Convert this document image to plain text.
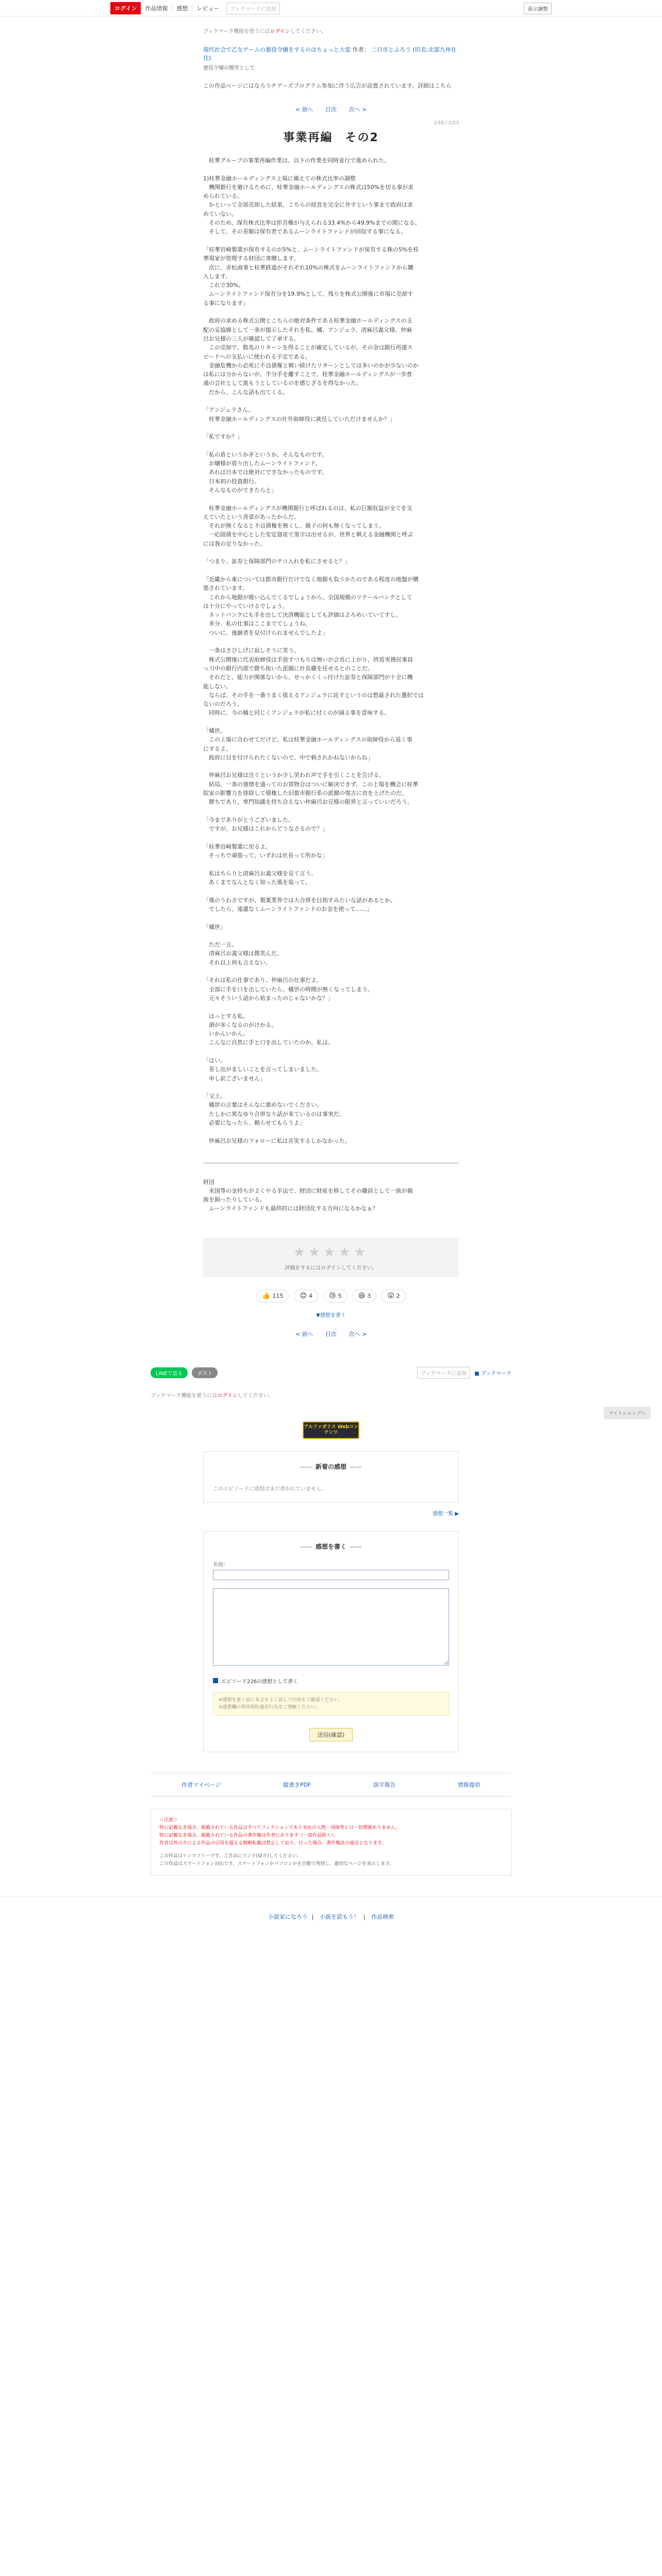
ログイン	作品情報	感想	レビュー	ブックマークに追加	表示調整
ブックマーク機能を使うにはログインしてください。
現代社会で乙女ゲームの悪役令嬢をするのはちょっと大変 作者： 二日市とふろう (旧名:北部九州在住)
悪役令嬢の微笑として
この作品ページにはなろうチアーズプログラム参加に伴う広告が設置されています。詳細はこちら
< 前へ 目次 次へ >
2/18 / 2/23
事業再編　その2

　桂華グループの事業再編作業は、以下の作業を同時並行で進められた。

1)桂華金融ホールディングス上場に備えての株式比率の調整

　機関銀行を避けるために、桂華金融ホールディングスの株式は50%を切る事が求

められている。

　かといって全部売却した結果、こちらの経営を完全に外すという事まで政府は求

めていない。

　そのため、保有株式比率は拒否権が与えられる33.4%から49.9%までの間になる。

　そして、その差額は保有者であるムーンライトファンドが回収する事になる。

「桂華岩崎製薬が保有するのが5%と、ムーンライトファンドが保有する株の5%を桂

華現家が管理する財団に寄贈します。

　次に、赤松商事と桂華鉄道がそれぞれ10%の株式をムーンライトファンドから購

入します。

　これで30%。

　ムーンライトファンド保有分を19.9%として、残りを株式公開後に市場に売却す

る事になります」

　政府の求める株式公開とこちらの絶対条件である桂華金融ホールディングスの支

配の妥協線として一条が提示したそれを私、橘、アンジェラ、清麻呂義父様、仲麻

呂お兄様の三人が確認して了承する。

　この売却で、数兆のリターンを得ることが確定しているが、その金は銀行再建ス

ピードへの支払いに使われる予定である。

　金融危機から必死に不良債権と戦い続けたリターンとしては多いのかが少ないのか

は私には分からないが、半分手を離すことで、桂華金融ホールディングスが一歩普

通の会社として進もうとしているのを感じざるを得なかった。

　だから、こんな話も出てくる。

「アンジェラさん。

　桂華金融ホールディングスの社外取締役に就任していただけませんか？」

「私ですか？」

「私の盾というか矛というか、そんなものです。

　お嬢様が盾り出したムーンライトファンド。

　あれは日本では絶対にできなかったものです。

　日本初の投資銀行。

　そんなものができたらと」

　桂華金融ホールディングスが機関銀行と呼ばれるのは、私の巨額収益が全てを支

えていたという背景があったからだ。

　それが無くなると不良債権を無くし、親子の何も無くなってしまう。

　一応固債を中心とした安定資産で黒字は出せるが、世界と戦える金融機関と呼ぶ

には我の足りなかった。

「つまり、証券と保険部門のテコ入れを私にさせると？」

「近畿から東については都市銀行だけでなく地銀も負うかたのである程度の地盤が構

築されています。

　これから地銀が吸い込んでくるでしょうから、全国規模のリテールバンクとして

は十分にやっていけるでしょう。

　ネットバンクにも手を出して決済機能としても評価はよろめいていてすし、

　多分、私の仕事はここまでてしょうね。

　ついに、後継者を見付けられませんでしたよ」

　一条はさびしげに寂しそうに笑う。

　株式公開後に代表取締役は手放すつもりは無いが会長に上がり、終焉実務民事員

っ刀中の銀行内部で勝ち抜いた派閥に社長職を任せるとのことだ。

　それだと、能力が関係ないから、せっかくくっ付けた証券と保険部門が十全に機

能しない。

　ならば、その手を一番うまく扱えるアンジェラに託すというのは想最された選択では

ないのだろう。

　同時に、今の橘と同じくアンジェラが私に付くのが減る事を意味する。

「橘世。

　この上場に合わせてだけど、私は桂華金融ホールディングスの取締役から退く事

にするよ。

　政府に目を付けられたくないので、中で刺されかねないからね」

　仲麻呂お兄様は注ぐというか少し笑われ声で手を引くことを告げる。

　結局、一条の強情を通ってのお買物合はついに解決できず、この上場を機会に桂華

院家の影響力を排除して債権した旧都市銀行系の派閥の復古に首を上げたのだ。

　勝ちであり、専門知識を持ち合えない仲麻呂お兄様の限界と言っていいだろう。

「今までありがとうございました。

　ですが、お兄様はこれからどうなさるので？」

「桂華岩崎製薬に戻るよ。

　そっちで頑張って、いずれは社長って所かな」

　私はちらりと清麻呂お義父様を見て言う。

　あくまでなんとなく知った風を装って。

「風のうわさですが、製薬業界では大合併を目指すみたいな話があるとか。

　でしたら、遠慮なくムーンライトファンドのお金を使って……」

「橘世」

　ただ一言。

　清麻呂お義父様は微笑んだ。

　それ以上何も言えない。

「それは私の仕事であり、仲麻呂の仕事だよ。

　全部に手を口を出していたら、橘世の時間が無くなってしまう。

　元々そういう話から始まったのじゃないかな？」

　はっとする私。

　頭が多くなるのがけかる。

　いかんいかん。

　こんなに自然に手と口を出していたのか。私は。

「はい。

　差し出がましいことを言ってしまいました。

　申し訳ございません」

「父上。

　橘世の言葉はそんなに悪めないでください。

　たしかに異なゆり合併なり話が来ているのは事実だ。

　必要になったら、頼らせてもらうよ」

　仲麻呂お兄様のフォローに私は苦笑するしかなかった。

財団

　米国等の金持ちがよくやる手法で、財団に財産を移してその職員として一族が親

族を飼ったりしている。

　ムーンライトファンドも最終的には財団化する方向になるかなぁ？

★★★★★
評価をするにはログインしてください。
👍 115 😊 4 😢 5 😆 3 😮 2
▼感想を書く
< 前へ 目次 次へ >
LINEで送る	ポスト	ブックマークに追加	■ ブックマーク
ブックマーク機能を使うにはログインしてください。
アルファポリス Webコンテンツ
—— 新着の感想 ——
このエピソードに感想はまだ書かれていません。
感想一覧 ▶
—— 感想を書く ——
名前：

エピソード226の感想として書く
※感想を書く前に本文をよく読んで内容をご確認ください。
※感想欄の利用規約違反行為をご理解ください。
送信(確認)
作者マイページ	縦書きPDF	誤字報告	情報提供
＜注意＞
特に記載なき場合、掲載されている作品はすべてフィクションであり実在の人物・団体等とは一切関係ありません。
特に記載なき場合、掲載されている作品の著作権は作者にあります（一部作品除く）。
作者以外の方による作品の引用を超える無断転載は禁止しており、行った場合、著作権法の違反となります。
この作品はリンクフリーです。ご自由にリンク(紹介)してください。
この作品はスマートフォン対応です。スマートフォンかパソコンかを自動で判別し、適切なページを表示します。
小説家になろう | 小説を読もう！ | 作品検索
ナイトショップへ
